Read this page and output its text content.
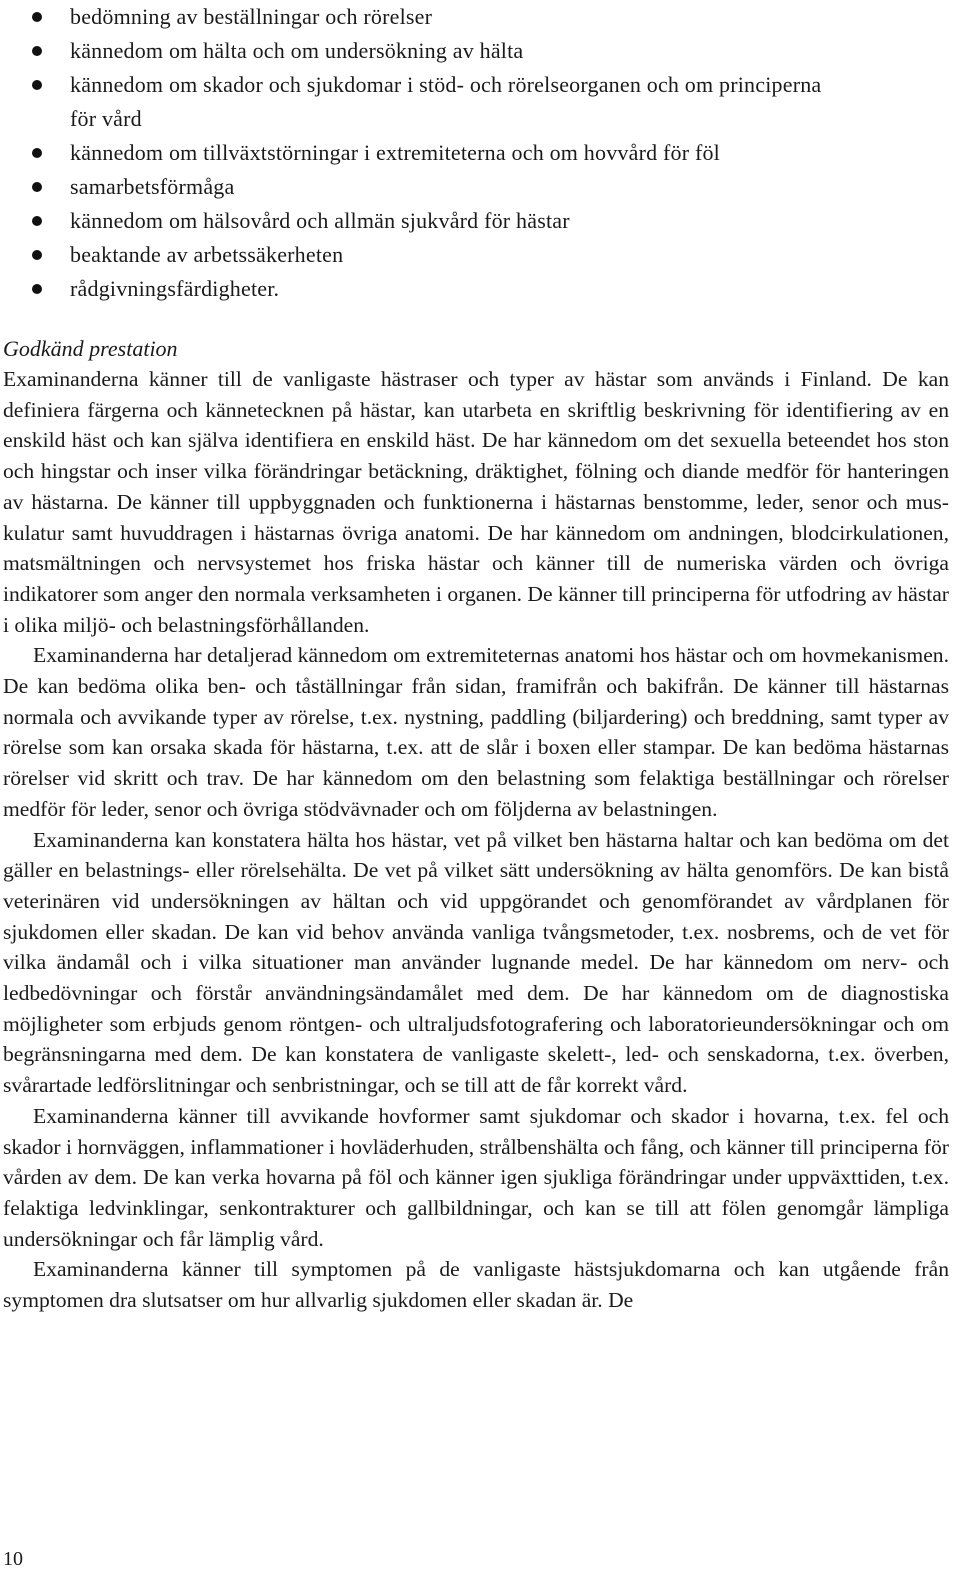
bedömning av beställningar och rörelser
kännedom om hälta och om undersökning av hälta
kännedom om skador och sjukdomar i stöd- och rörelseorganen och om principerna för vård
kännedom om tillväxtstörningar i extremiteterna och om hovvård för föl
samarbetsförmåga
kännedom om hälsovård och allmän sjukvård för hästar
beaktande av arbetssäkerheten
rådgivningsfärdigheter.
Godkänd prestation

Examinanderna känner till de vanligaste hästraser och typer av hästar som används i Finland. De kan definiera färgerna och kännetecknen på hästar, kan utarbeta en skriftlig beskrivning för identifiering av en enskild häst och kan själva identifiera en enskild häst. De har kännedom om det sexuella beteendet hos ston och hingstar och inser vilka förändringar betäckning, dräktighet, fölning och diande medför för hanteringen av hästarna. De känner till uppbyggnaden och funktionerna i hästarnas benstomme, leder, senor och muskulatur samt huvuddragen i hästarnas övriga anatomi. De har kännedom om andningen, blodcirkulationen, matsmältningen och nervsystemet hos friska hästar och känner till de numeriska värden och övriga indikatorer som anger den normala verksamheten i organen. De känner till principerna för utfodring av hästar i olika miljö- och belastningsförhållanden.

Examinanderna har detaljerad kännedom om extremiteternas anatomi hos hästar och om hovmekanismen. De kan bedöma olika ben- och tåställningar från sidan, framifrån och bakifrån. De känner till hästarnas normala och avvikande typer av rörelse, t.ex. nystning, paddling (biljardering) och breddning, samt typer av rörelse som kan orsaka skada för hästarna, t.ex. att de slår i boxen eller stampar. De kan bedöma hästarnas rörelser vid skritt och trav. De har kännedom om den belastning som felaktiga beställningar och rörelser medför för leder, senor och övriga stödvävnader och om följderna av belastningen.

Examinanderna kan konstatera hälta hos hästar, vet på vilket ben hästarna haltar och kan bedöma om det gäller en belastnings- eller rörelsehälta. De vet på vilket sätt undersökning av hälta genomförs. De kan bistå veterinären vid undersökningen av hältan och vid uppgörandet och genomförandet av vårdplanen för sjukdomen eller skadan. De kan vid behov använda vanliga tvångsmetoder, t.ex. nosbrems, och de vet för vilka ändamål och i vilka situationer man använder lugnande medel. De har kännedom om nerv- och ledbedövningar och förstår användningsändamålet med dem. De har kännedom om de diagnostiska möjligheter som erbjuds genom röntgen- och ultraljudsfotografering och laboratorieundersökningar och om begränsningarna med dem. De kan konstatera de vanligaste skelett-, led- och senskadorna, t.ex. överben, svårartade ledförslitningar och senbristningar, och se till att de får korrekt vård.

Examinanderna känner till avvikande hovformer samt sjukdomar och skador i hovarna, t.ex. fel och skador i hornväggen, inflammationer i hovläderhuden, strålbenshälta och fång, och känner till principerna för vården av dem. De kan verka hovarna på föl och känner igen sjukliga förändringar under uppväxttiden, t.ex. felaktiga ledvinklingar, senkontrakturer och gallbildningar, och kan se till att fölen genomgår lämpliga undersökningar och får lämplig vård.

Examinanderna känner till symptomen på de vanligaste hästsjukdomarna och kan utgående från symptomen dra slutsatser om hur allvarlig sjukdomen eller skadan är. De

10
